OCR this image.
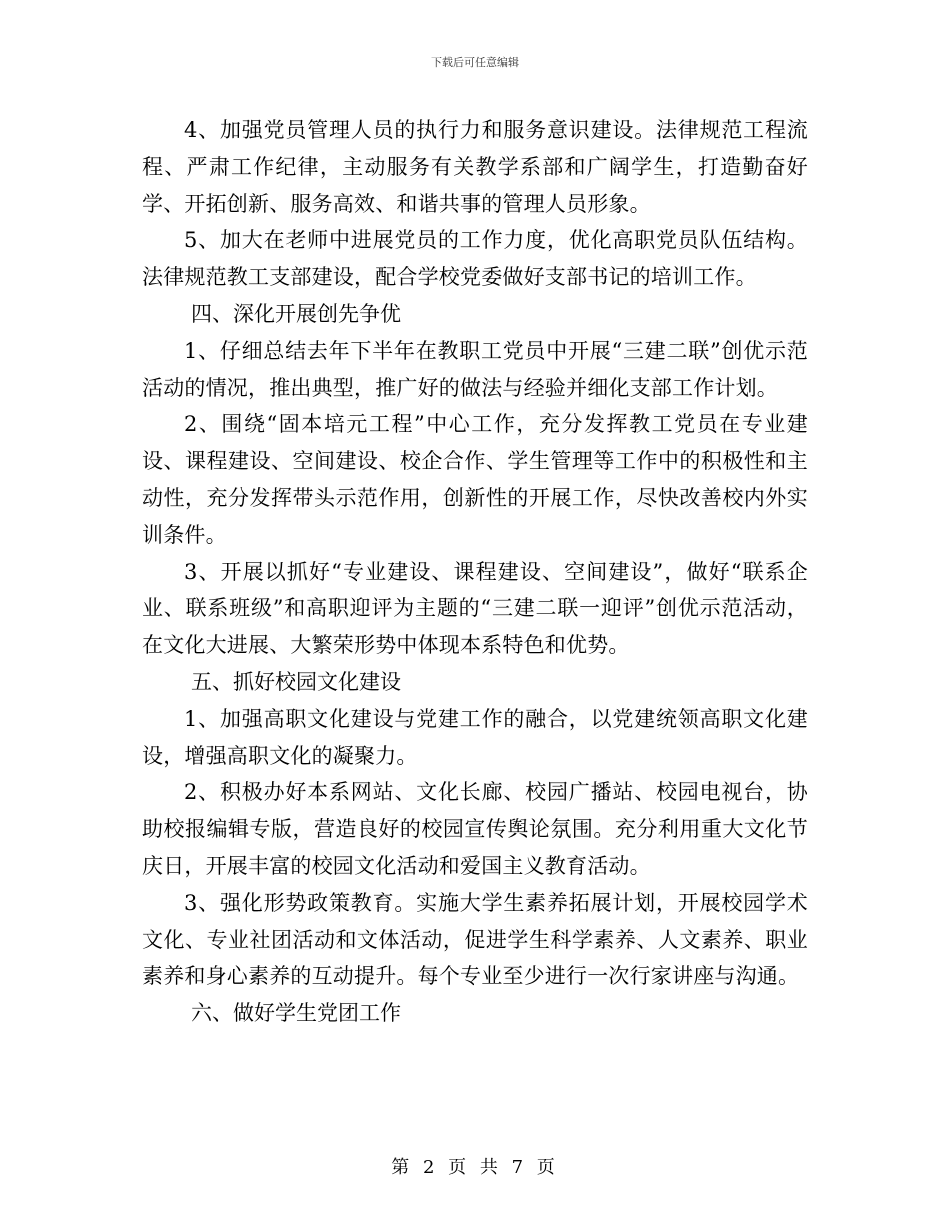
下载后可任意编辑

4、加强党员管理人员的执行力和服务意识建设。法律规范工程流程、严肃工作纪律，主动服务有关教学系部和广阔学生，打造勤奋好学、开拓创新、服务高效、和谐共事的管理人员形象。

5、加大在老师中进展党员的工作力度，优化高职党员队伍结构。法律规范教工支部建设，配合学校党委做好支部书记的培训工作。

四、深化开展创先争优

1、仔细总结去年下半年在教职工党员中开展“三建二联”创优示范活动的情况，推出典型，推广好的做法与经验并细化支部工作计划。

2、围绕“固本培元工程”中心工作，充分发挥教工党员在专业建设、课程建设、空间建设、校企合作、学生管理等工作中的积极性和主动性，充分发挥带头示范作用，创新性的开展工作，尽快改善校内外实训条件。

3、开展以抓好“专业建设、课程建设、空间建设”，做好“联系企业、联系班级”和高职迎评为主题的“三建二联一迎评”创优示范活动，在文化大进展、大繁荣形势中体现本系特色和优势。

五、抓好校园文化建设

1、加强高职文化建设与党建工作的融合，以党建统领高职文化建设，增强高职文化的凝聚力。

2、积极办好本系网站、文化长廊、校园广播站、校园电视台，协助校报编辑专版，营造良好的校园宣传舆论氛围。充分利用重大文化节庆日，开展丰富的校园文化活动和爱国主义教育活动。

3、强化形势政策教育。实施大学生素养拓展计划，开展校园学术文化、专业社团活动和文体活动，促进学生科学素养、人文素养、职业素养和身心素养的互动提升。每个专业至少进行一次行家讲座与沟通。

六、做好学生党团工作

第 2 页 共 7 页
